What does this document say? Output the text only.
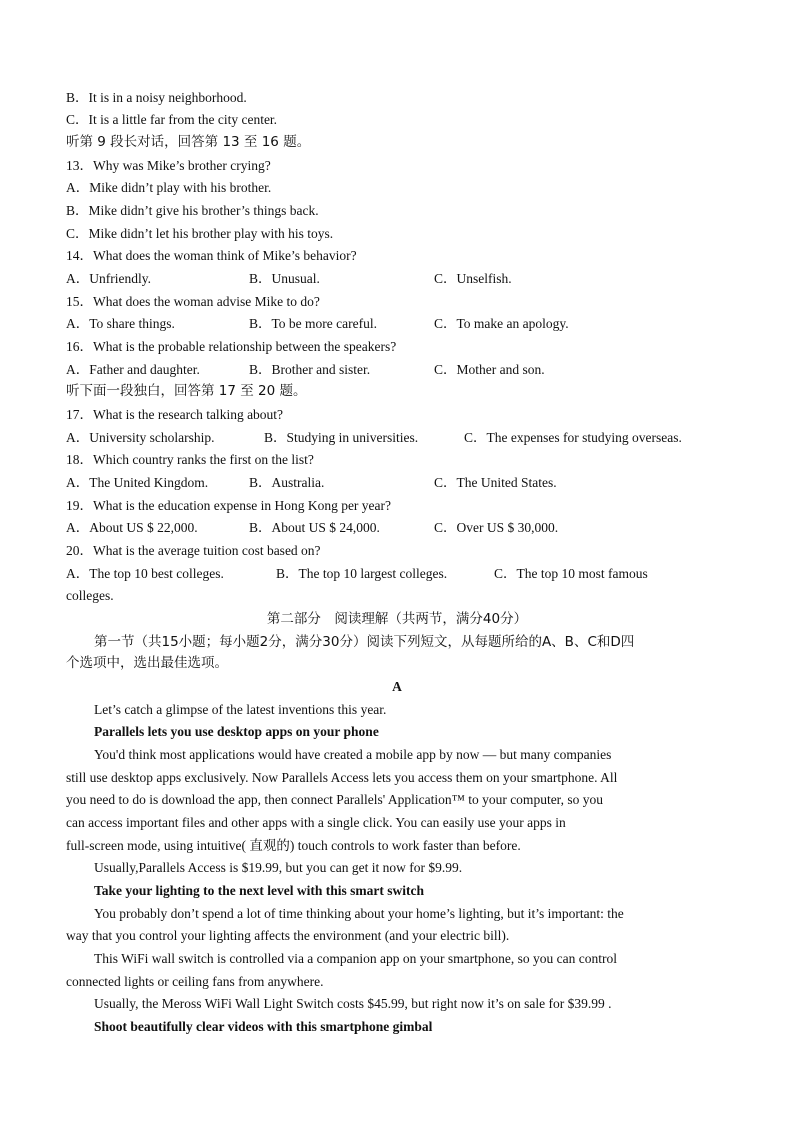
B．It is in a noisy neighborhood.
C．It is a little far from the city center.
听第 9 段长对话，回答第 13 至 16 题。
13．Why was Mike’s brother crying?
A．Mike didn’t play with his brother.
B．Mike didn’t give his brother’s things back.
C．Mike didn’t let his brother play with his toys.
14．What does the woman think of Mike’s behavior?
A．Unfriendly.	B．Unusual.	C．Unselfish.
15．What does the woman advise Mike to do?
A．To share things.	B．To be more careful.	C．To make an apology.
16．What is the probable relationship between the speakers?
A．Father and daughter.	B．Brother and sister.	C．Mother and son.
听下面一段独白，回答第 17 至 20 题。
17．What is the research talking about?
A．University scholarship.	B．Studying in universities.	C．The expenses for studying overseas.
18．Which country ranks the first on the list?
A．The United Kingdom.	B．Australia.	C．The United States.
19．What is the education expense in Hong Kong per year?
A．About US $ 22,000.	B．About US $ 24,000.	C．Over US $ 30,000.
20．What is the average tuition cost based on?
A．The top 10 best colleges.	B．The top 10 largest colleges.	C．The top 10 most famous
colleges.
第二部分　阅读理解（共两节，满分40分）
第一节（共15小题；每小题2分，满分30分）阅读下列短文，从每题所给的A、B、C和D四
个选项中，选出最佳选项。
A
Let’s catch a glimpse of the latest inventions this year.
Parallels lets you use desktop apps on your phone
You'd think most applications would have created a mobile app by now — but many companies
still use desktop apps exclusively. Now Parallels Access lets you access them on your smartphone. All
you need to do is download the app, then connect Parallels' Application™ to your computer, so you
can access important files and other apps with a single click. You can easily use your apps in
full-screen mode, using intuitive( 直观的) touch controls to work faster than before.
Usually,Parallels Access is $19.99, but you can get it now for $9.99.
Take your lighting to the next level with this smart switch
You probably don’t spend a lot of time thinking about your home’s lighting, but it’s important: the
way that you control your lighting affects the environment (and your electric bill).
This WiFi wall switch is controlled via a companion app on your smartphone, so you can control
connected lights or ceiling fans from anywhere.
Usually, the Meross WiFi Wall Light Switch costs $45.99, but right now it’s on sale for $39.99 .
Shoot beautifully clear videos with this smartphone gimbal
